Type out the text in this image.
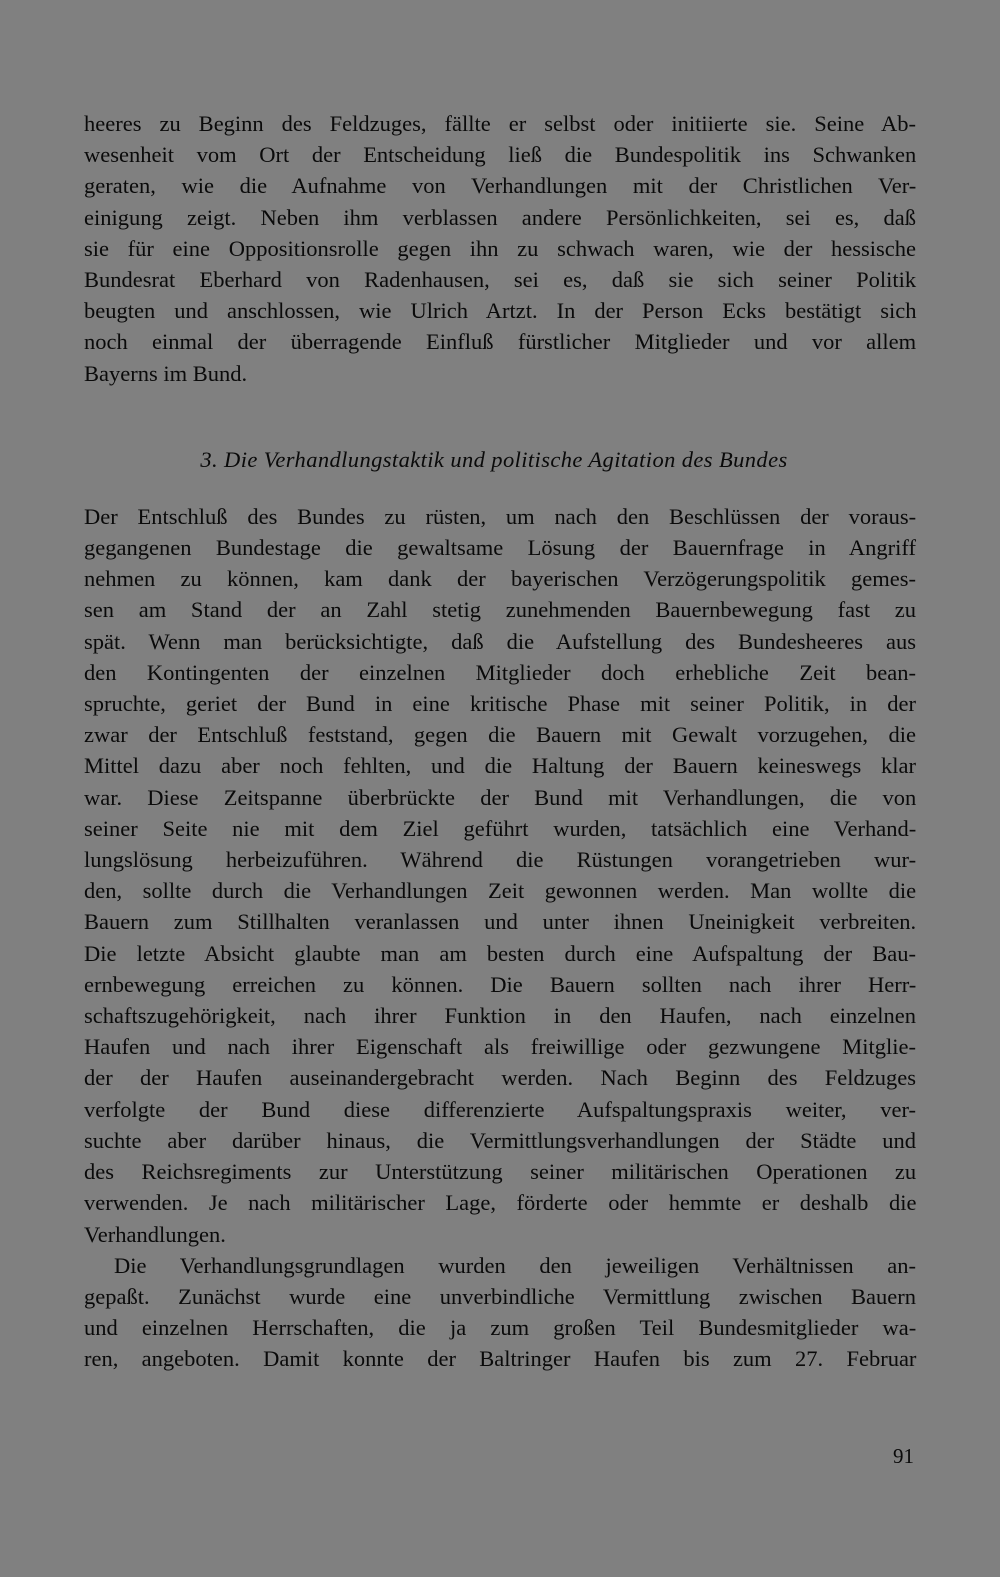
heeres zu Beginn des Feldzuges, fällte er selbst oder initiierte sie. Seine Ab-
wesenheit vom Ort der Entscheidung ließ die Bundespolitik ins Schwanken
geraten, wie die Aufnahme von Verhandlungen mit der Christlichen Ver-
einigung zeigt. Neben ihm verblassen andere Persönlichkeiten, sei es, daß
sie für eine Oppositionsrolle gegen ihn zu schwach waren, wie der hessische
Bundesrat Eberhard von Radenhausen, sei es, daß sie sich seiner Politik
beugten und anschlossen, wie Ulrich Artzt. In der Person Ecks bestätigt sich
noch einmal der überragende Einfluß fürstlicher Mitglieder und vor allem
Bayerns im Bund.
3. Die Verhandlungstaktik und politische Agitation des Bundes
Der Entschluß des Bundes zu rüsten, um nach den Beschlüssen der voraus-
gegangenen Bundestage die gewaltsame Lösung der Bauernfrage in Angriff
nehmen zu können, kam dank der bayerischen Verzögerungspolitik gemes-
sen am Stand der an Zahl stetig zunehmenden Bauernbewegung fast zu
spät. Wenn man berücksichtigte, daß die Aufstellung des Bundesheeres aus
den Kontingenten der einzelnen Mitglieder doch erhebliche Zeit bean-
spruchte, geriet der Bund in eine kritische Phase mit seiner Politik, in der
zwar der Entschluß feststand, gegen die Bauern mit Gewalt vorzugehen, die
Mittel dazu aber noch fehlten, und die Haltung der Bauern keineswegs klar
war. Diese Zeitspanne überbrückte der Bund mit Verhandlungen, die von
seiner Seite nie mit dem Ziel geführt wurden, tatsächlich eine Verhand-
lungslösung herbeizuführen. Während die Rüstungen vorangetrieben wur-
den, sollte durch die Verhandlungen Zeit gewonnen werden. Man wollte die
Bauern zum Stillhalten veranlassen und unter ihnen Uneinigkeit verbreiten.
Die letzte Absicht glaubte man am besten durch eine Aufspaltung der Bau-
ernbewegung erreichen zu können. Die Bauern sollten nach ihrer Herr-
schaftszugehörigkeit, nach ihrer Funktion in den Haufen, nach einzelnen
Haufen und nach ihrer Eigenschaft als freiwillige oder gezwungene Mitglie-
der der Haufen auseinandergebracht werden. Nach Beginn des Feldzuges
verfolgte der Bund diese differenzierte Aufspaltungspraxis weiter, ver-
suchte aber darüber hinaus, die Vermittlungsverhandlungen der Städte und
des Reichsregiments zur Unterstützung seiner militärischen Operationen zu
verwenden. Je nach militärischer Lage, förderte oder hemmte er deshalb die
Verhandlungen.
Die Verhandlungsgrundlagen wurden den jeweiligen Verhältnissen an-
gepaßt. Zunächst wurde eine unverbindliche Vermittlung zwischen Bauern
und einzelnen Herrschaften, die ja zum großen Teil Bundesmitglieder wa-
ren, angeboten. Damit konnte der Baltringer Haufen bis zum 27. Februar
91
